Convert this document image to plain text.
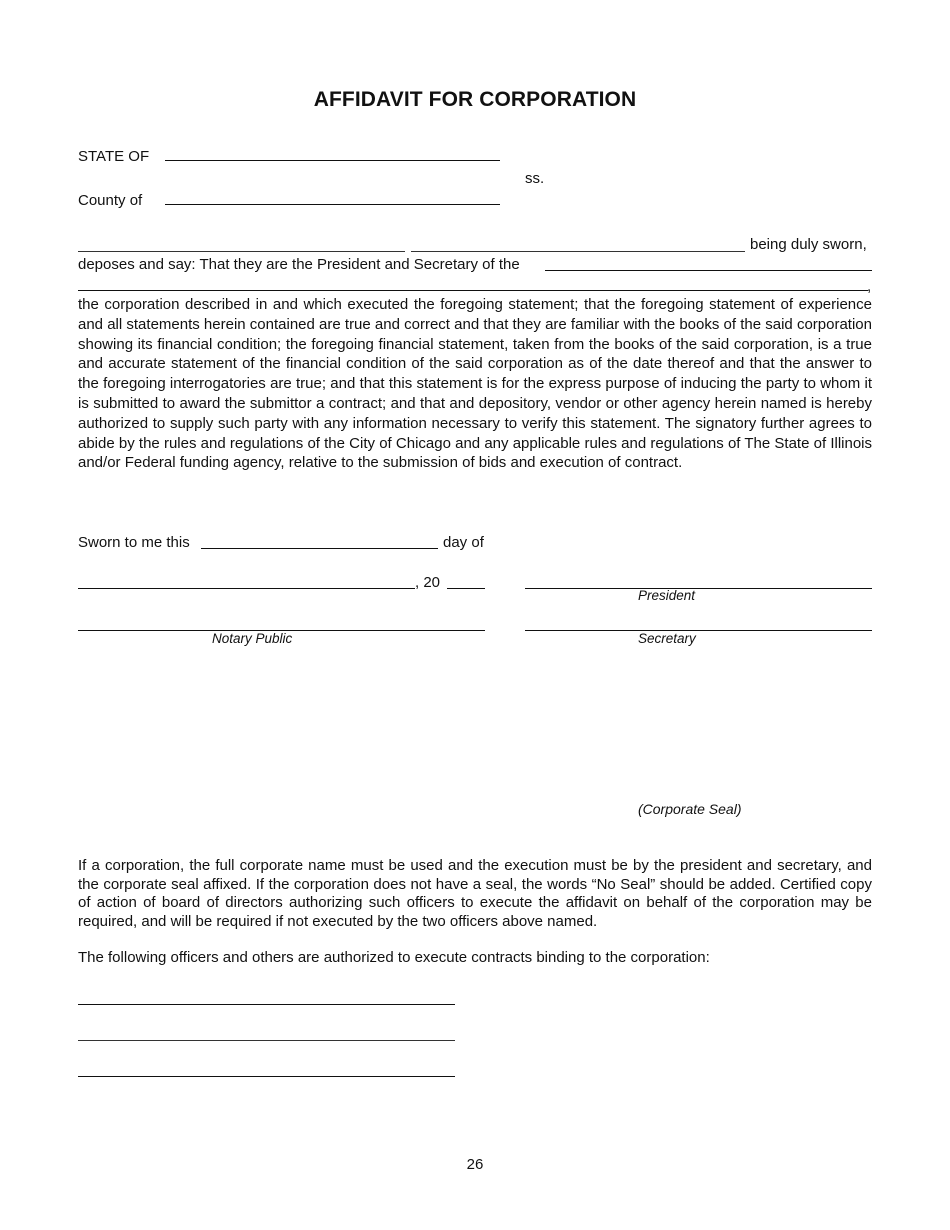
AFFIDAVIT FOR CORPORATION
STATE OF
ss.
County of
being duly sworn,
deposes and say: That they are the President and Secretary of the
,
the corporation described in and which executed the foregoing statement; that the foregoing statement of experience and all statements herein contained are true and correct and that they are familiar with the books of the said corporation showing its financial condition; the foregoing financial statement, taken from the books of the said corporation, is a true and accurate statement of the financial condition of the said corporation as of the date thereof and that the answer to the foregoing interrogatories are true; and that this statement is for the express purpose of inducing the party to whom it is submitted to award the submittor a contract; and that and depository, vendor or other agency herein named is hereby authorized to supply such party with any information necessary to verify this statement. The signatory further agrees to abide by the rules and regulations of the City of Chicago and any applicable rules and regulations of The State of Illinois and/or Federal funding agency, relative to the submission of bids and execution of contract.
Sworn to me this	day of
, 20
President
Notary Public	Secretary
(Corporate Seal)
If a corporation, the full corporate name must be used and the execution must be by the president and secretary, and the corporate seal affixed. If the corporation does not have a seal, the words “No Seal” should be added. Certified copy of action of board of directors authorizing such officers to execute the affidavit on behalf of the corporation may be required, and will be required if not executed by the two officers above named.
The following officers and others are authorized to execute contracts binding to the corporation:
26
